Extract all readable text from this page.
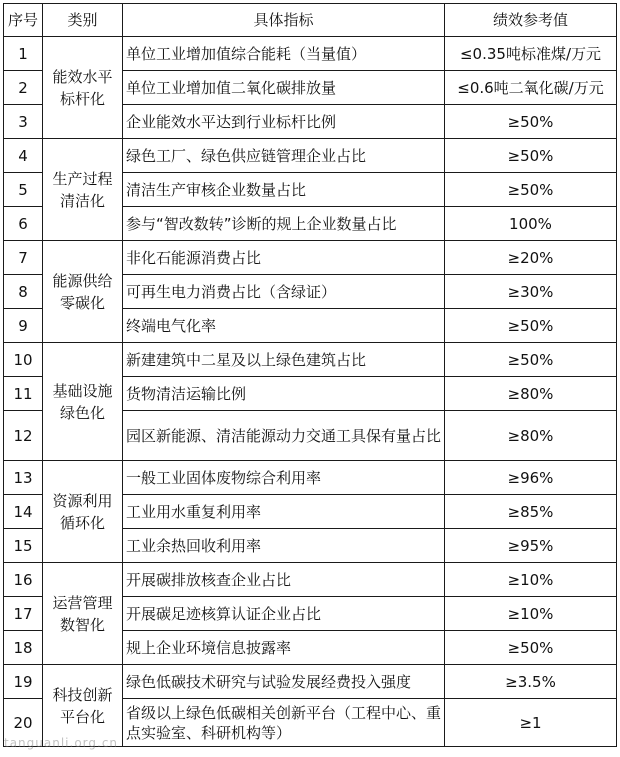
序号	类别	具体指标	绩效参考值
1	能效水平标杆化	单位工业增加值综合能耗（当量值）	≤0.35吨标准煤/万元
2		单位工业增加值二氧化碳排放量	≤0.6吨二氧化碳/万元
3		企业能效水平达到行业标杆比例	≥50%
4	生产过程清洁化	绿色工厂、绿色供应链管理企业占比	≥50%
5		清洁生产审核企业数量占比	≥50%
6		参与“智改数转”诊断的规上企业数量占比	100%
7	能源供给零碳化	非化石能源消费占比	≥20%
8		可再生电力消费占比（含绿证）	≥30%
9		终端电气化率	≥50%
10	基础设施绿色化	新建建筑中二星及以上绿色建筑占比	≥50%
11		货物清洁运输比例	≥80%
12		园区新能源、清洁能源动力交通工具保有量占比	≥80%
13	资源利用循环化	一般工业固体废物综合利用率	≥96%
14		工业用水重复利用率	≥85%
15		工业余热回收利用率	≥95%
16	运营管理数智化	开展碳排放核查企业占比	≥10%
17		开展碳足迹核算认证企业占比	≥10%
18		规上企业环境信息披露率	≥50%
19	科技创新平台化	绿色低碳技术研究与试验发展经费投入强度	≥3.5%
20		省级以上绿色低碳相关创新平台（工程中心、重点实验室、科研机构等）	≥1
tanguanli.org.cn
